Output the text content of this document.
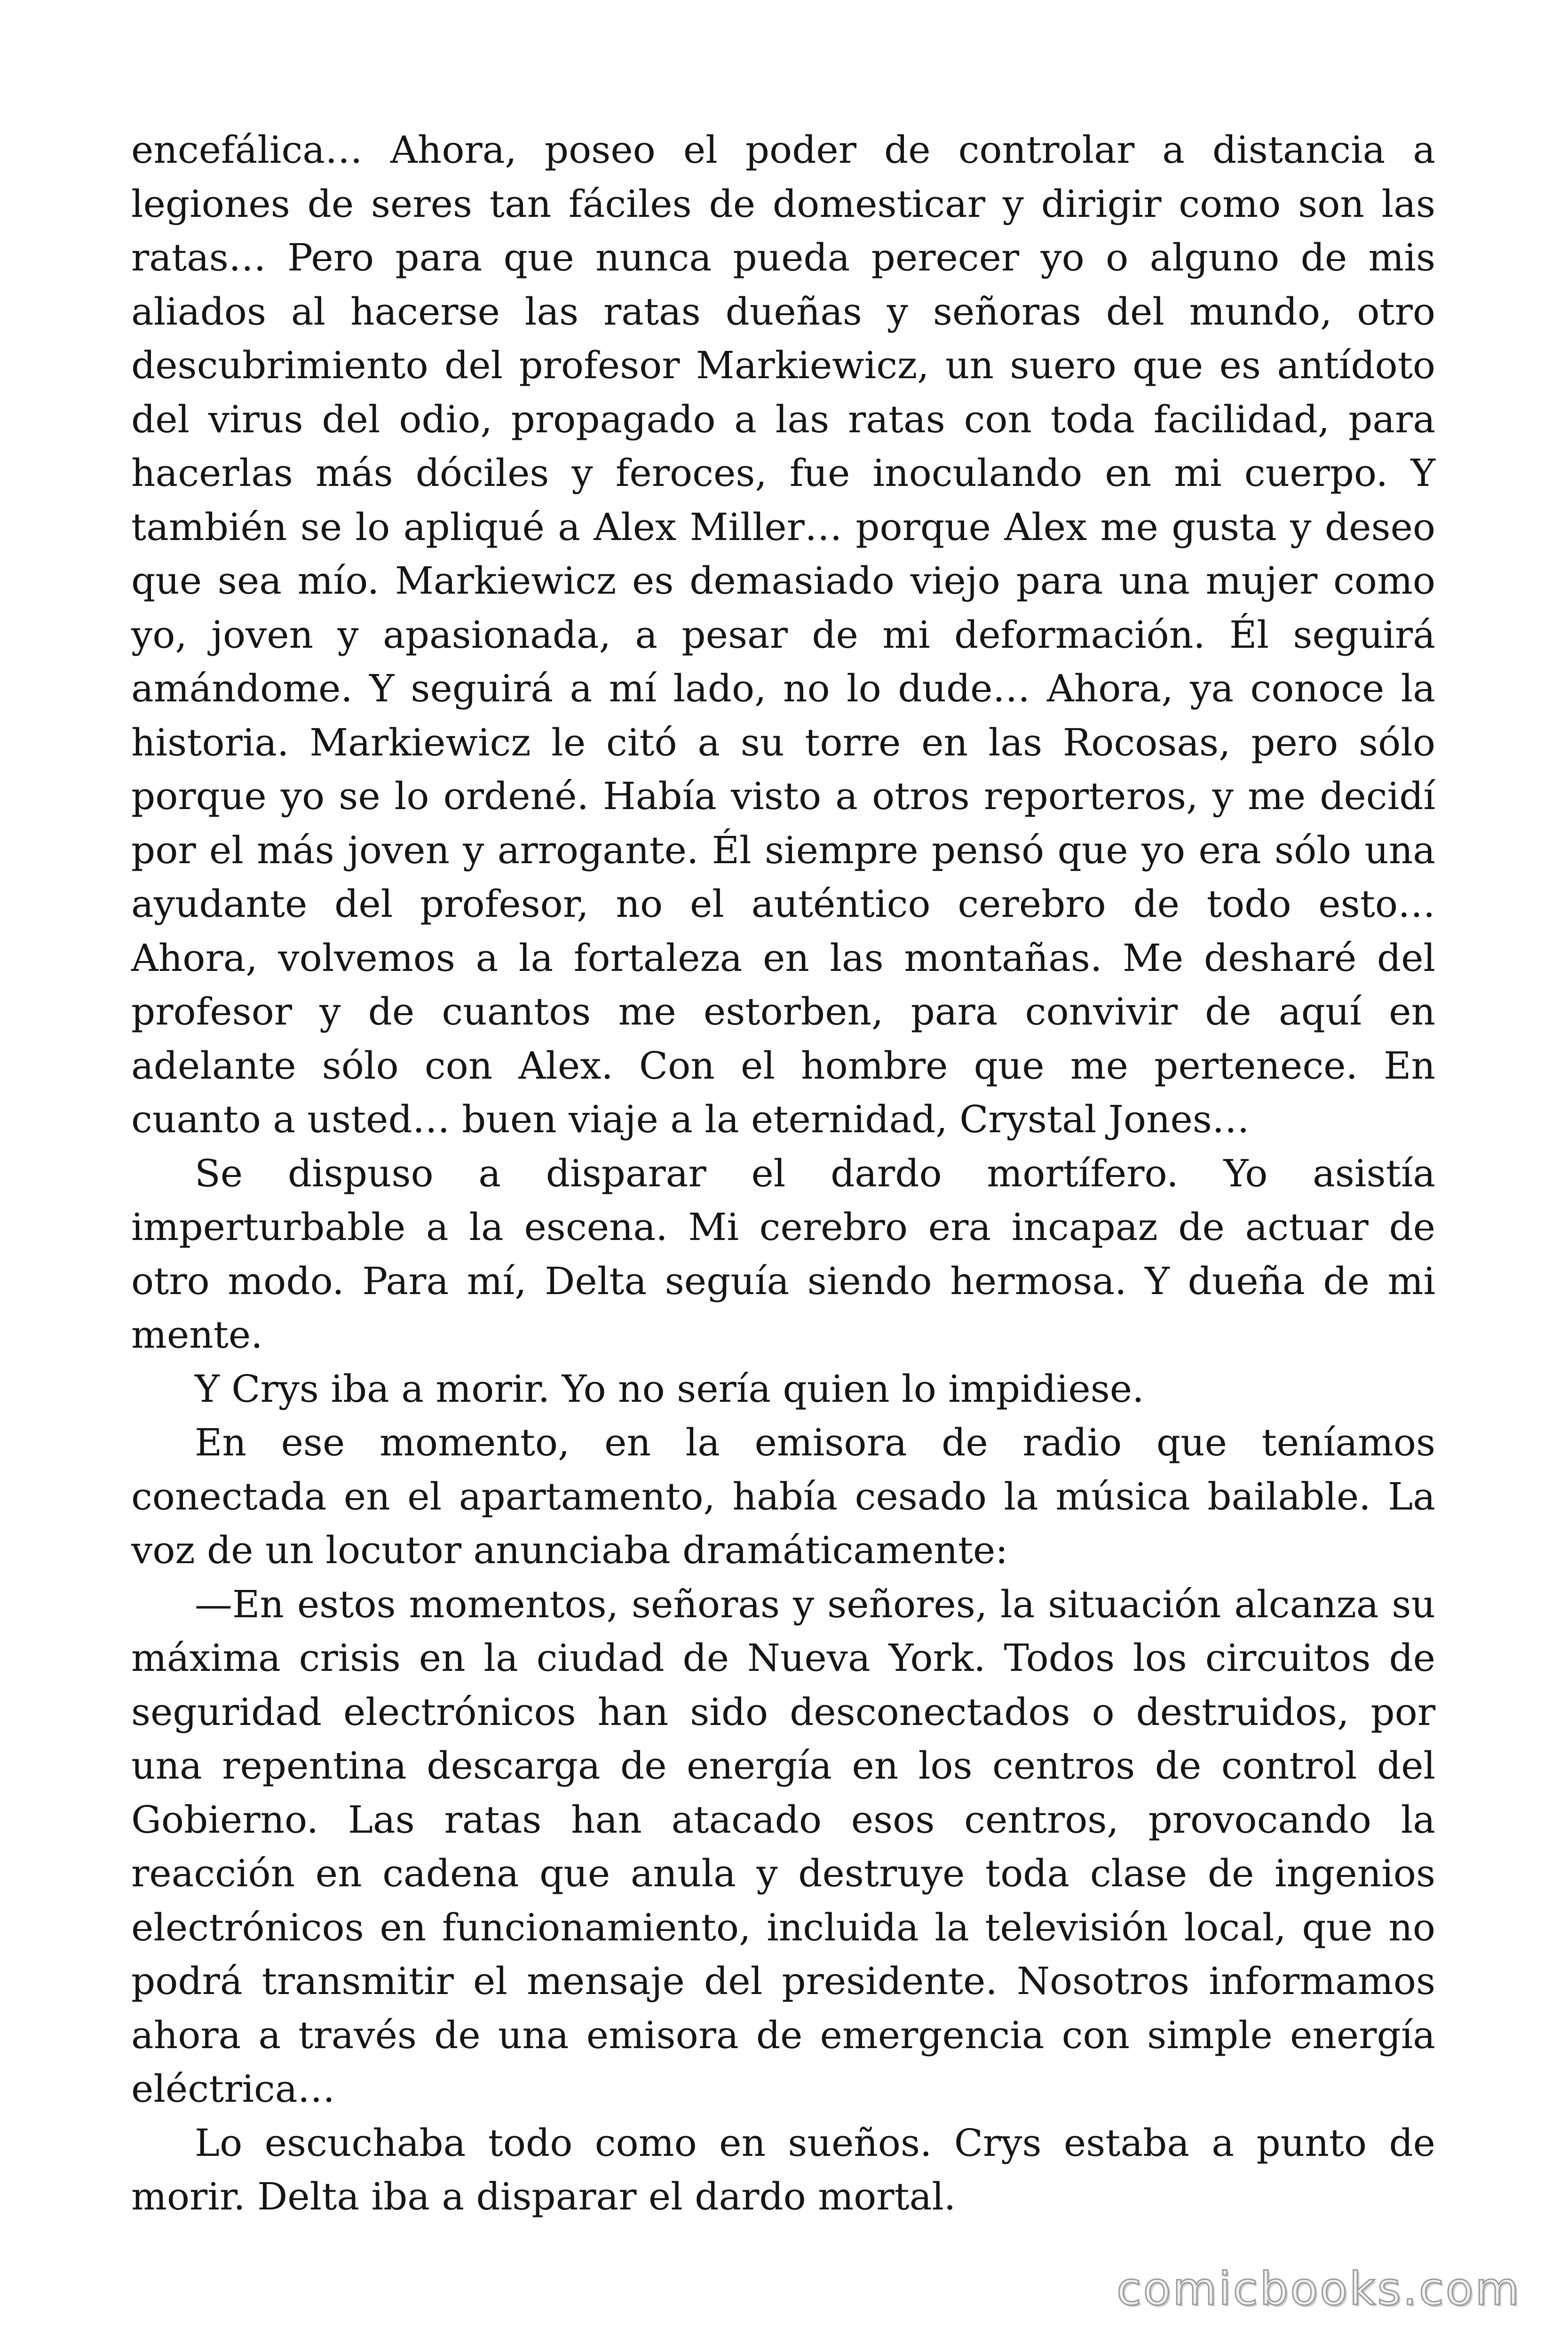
encefálica… Ahora, poseo el poder de controlar a distancia a legiones de seres tan fáciles de domesticar y dirigir como son las ratas… Pero para que nunca pueda perecer yo o alguno de mis aliados al hacerse las ratas dueñas y señoras del mundo, otro descubrimiento del profesor Markiewicz, un suero que es antídoto del virus del odio, propagado a las ratas con toda facilidad, para hacerlas más dóciles y feroces, fue inoculando en mi cuerpo. Y también se lo apliqué a Alex Miller… porque Alex me gusta y deseo que sea mío. Markiewicz es demasiado viejo para una mujer como yo, joven y apasionada, a pesar de mi deformación. Él seguirá amándome. Y seguirá a mí lado, no lo dude… Ahora, ya conoce la historia. Markiewicz le citó a su torre en las Rocosas, pero sólo porque yo se lo ordené. Había visto a otros reporteros, y me decidí por el más joven y arrogante. Él siempre pensó que yo era sólo una ayudante del profesor, no el auténtico cerebro de todo esto… Ahora, volvemos a la fortaleza en las montañas. Me desharé del profesor y de cuantos me estorben, para convivir de aquí en adelante sólo con Alex. Con el hombre que me pertenece. En cuanto a usted… buen viaje a la eternidad, Crystal Jones…

Se dispuso a disparar el dardo mortífero. Yo asistía imperturbable a la escena. Mi cerebro era incapaz de actuar de otro modo. Para mí, Delta seguía siendo hermosa. Y dueña de mi mente.

Y Crys iba a morir. Yo no sería quien lo impidiese.

En ese momento, en la emisora de radio que teníamos conectada en el apartamento, había cesado la música bailable. La voz de un locutor anunciaba dramáticamente:

—En estos momentos, señoras y señores, la situación alcanza su máxima crisis en la ciudad de Nueva York. Todos los circuitos de seguridad electrónicos han sido desconectados o destruidos, por una repentina descarga de energía en los centros de control del Gobierno. Las ratas han atacado esos centros, provocando la reacción en cadena que anula y destruye toda clase de ingenios electrónicos en funcionamiento, incluida la televisión local, que no podrá transmitir el mensaje del presidente. Nosotros informamos ahora a través de una emisora de emergencia con simple energía eléctrica…

Lo escuchaba todo como en sueños. Crys estaba a punto de morir. Delta iba a disparar el dardo mortal.

comicbooks.com
